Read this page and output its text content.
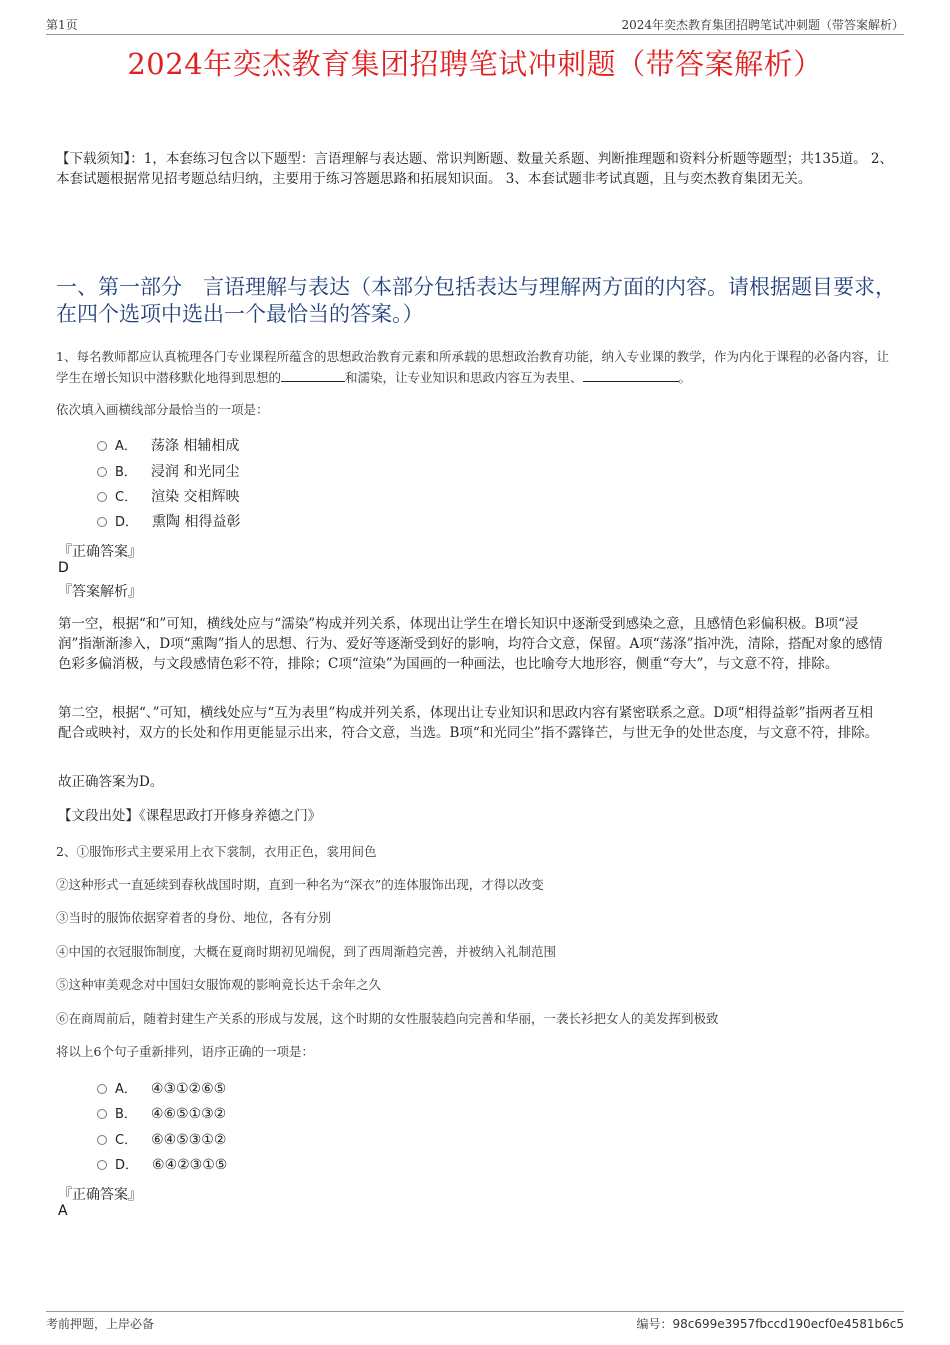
第1页	2024年奕杰教育集团招聘笔试冲刺题（带答案解析）
2024年奕杰教育集团招聘笔试冲刺题（带答案解析）
【下载须知】：1，本套练习包含以下题型：言语理解与表达题、常识判断题、数量关系题、判断推理题和资料分析题等题型；共135道。 2、本套试题根据常见招考题总结归纳，主要用于练习答题思路和拓展知识面。 3、本套试题非考试真题，且与奕杰教育集团无关。
一、第一部分　言语理解与表达（本部分包括表达与理解两方面的内容。请根据题目要求，在四个选项中选出一个最恰当的答案。）
1、每名教师都应认真梳理各门专业课程所蕴含的思想政治教育元素和所承载的思想政治教育功能，纳入专业课的教学，作为内化于课程的必备内容，让学生在增长知识中潜移默化地得到思想的	和濡染，让专业知识和思政内容互为表里、	。
依次填入画横线部分最恰当的一项是：
A． 荡涤 相辅相成
B． 浸润 和光同尘
C． 渲染 交相辉映
D． 熏陶 相得益彰
『正确答案』
D
『答案解析』
第一空，根据“和”可知，横线处应与“濡染”构成并列关系，体现出让学生在增长知识中逐渐受到感染之意，且感情色彩偏积极。B项“浸润”指渐渐渗入，D项“熏陶”指人的思想、行为、爱好等逐渐受到好的影响，均符合文意，保留。A项“荡涤”指冲洗，清除，搭配对象的感情色彩多偏消极，与文段感情色彩不符，排除；C项“渲染”为国画的一种画法，也比喻夸大地形容，侧重“夸大”，与文意不符，排除。
第二空，根据“、”可知，横线处应与“互为表里”构成并列关系，体现出让专业知识和思政内容有紧密联系之意。D项“相得益彰”指两者互相配合或映衬，双方的长处和作用更能显示出来，符合文意，当选。B项“和光同尘”指不露锋芒，与世无争的处世态度，与文意不符，排除。
故正确答案为D。
【文段出处】《课程思政打开修身养德之门》
2、①服饰形式主要采用上衣下裳制，衣用正色，裳用间色
②这种形式一直延续到春秋战国时期，直到一种名为“深衣”的连体服饰出现，才得以改变
③当时的服饰依据穿着者的身份、地位，各有分别
④中国的衣冠服饰制度，大概在夏商时期初见端倪，到了西周渐趋完善，并被纳入礼制范围
⑤这种审美观念对中国妇女服饰观的影响竟长达千余年之久
⑥在商周前后，随着封建生产关系的形成与发展，这个时期的女性服装趋向完善和华丽，一袭长衫把女人的美发挥到极致
将以上6个句子重新排列，语序正确的一项是：
A． ④③①②⑥⑤
B． ④⑥⑤①③②
C． ⑥④⑤③①②
D． ⑥④②③①⑤
『正确答案』
A
考前押题，上岸必备	编号：98c699e3957fbccd190ecf0e4581b6c5
